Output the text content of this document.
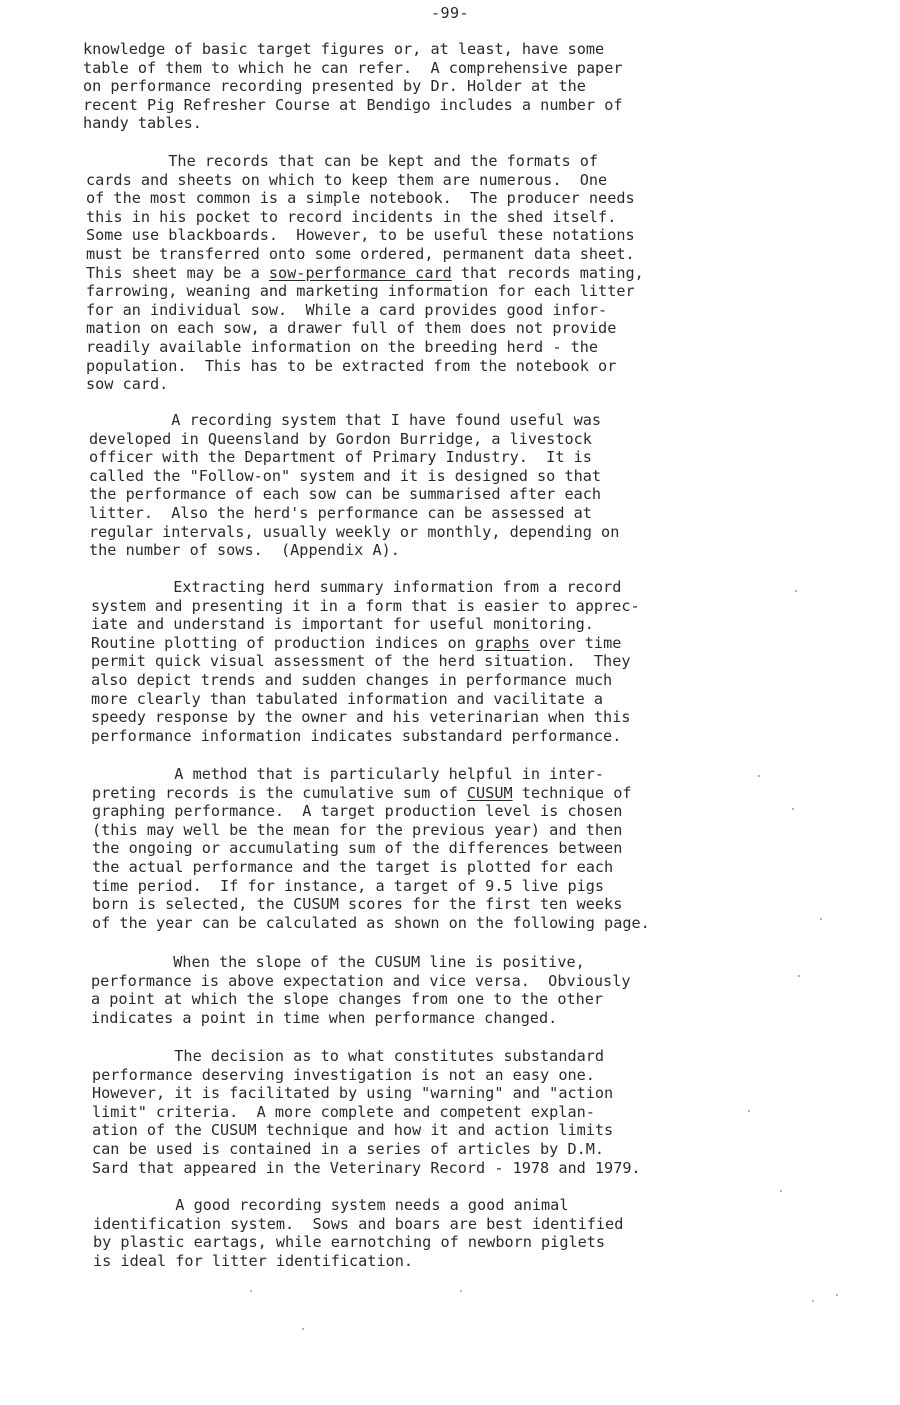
-99-
knowledge of basic target figures or, at least, have some
table of them to which he can refer.  A comprehensive paper
on performance recording presented by Dr. Holder at the
recent Pig Refresher Course at Bendigo includes a number of
handy tables.
The records that can be kept and the formats of
cards and sheets on which to keep them are numerous.  One
of the most common is a simple notebook.  The producer needs
this in his pocket to record incidents in the shed itself.
Some use blackboards.  However, to be useful these notations
must be transferred onto some ordered, permanent data sheet.
This sheet may be a sow-performance card that records mating,
farrowing, weaning and marketing information for each litter
for an individual sow.  While a card provides good infor-
mation on each sow, a drawer full of them does not provide
readily available information on the breeding herd - the
population.  This has to be extracted from the notebook or
sow card.
A recording system that I have found useful was
developed in Queensland by Gordon Burridge, a livestock
officer with the Department of Primary Industry.  It is
called the "Follow-on" system and it is designed so that
the performance of each sow can be summarised after each
litter.  Also the herd's performance can be assessed at
regular intervals, usually weekly or monthly, depending on
the number of sows.  (Appendix A).
Extracting herd summary information from a record
system and presenting it in a form that is easier to apprec-
iate and understand is important for useful monitoring.
Routine plotting of production indices on graphs over time
permit quick visual assessment of the herd situation.  They
also depict trends and sudden changes in performance much
more clearly than tabulated information and vacilitate a
speedy response by the owner and his veterinarian when this
performance information indicates substandard performance.
A method that is particularly helpful in inter-
preting records is the cumulative sum of CUSUM technique of
graphing performance.  A target production level is chosen
(this may well be the mean for the previous year) and then
the ongoing or accumulating sum of the differences between
the actual performance and the target is plotted for each
time period.  If for instance, a target of 9.5 live pigs
born is selected, the CUSUM scores for the first ten weeks
of the year can be calculated as shown on the following page.
When the slope of the CUSUM line is positive,
performance is above expectation and vice versa.  Obviously
a point at which the slope changes from one to the other
indicates a point in time when performance changed.
The decision as to what constitutes substandard
performance deserving investigation is not an easy one.
However, it is facilitated by using "warning" and "action
limit" criteria.  A more complete and competent explan-
ation of the CUSUM technique and how it and action limits
can be used is contained in a series of articles by D.M.
Sard that appeared in the Veterinary Record - 1978 and 1979.
A good recording system needs a good animal
identification system.  Sows and boars are best identified
by plastic eartags, while earnotching of newborn piglets
is ideal for litter identification.
